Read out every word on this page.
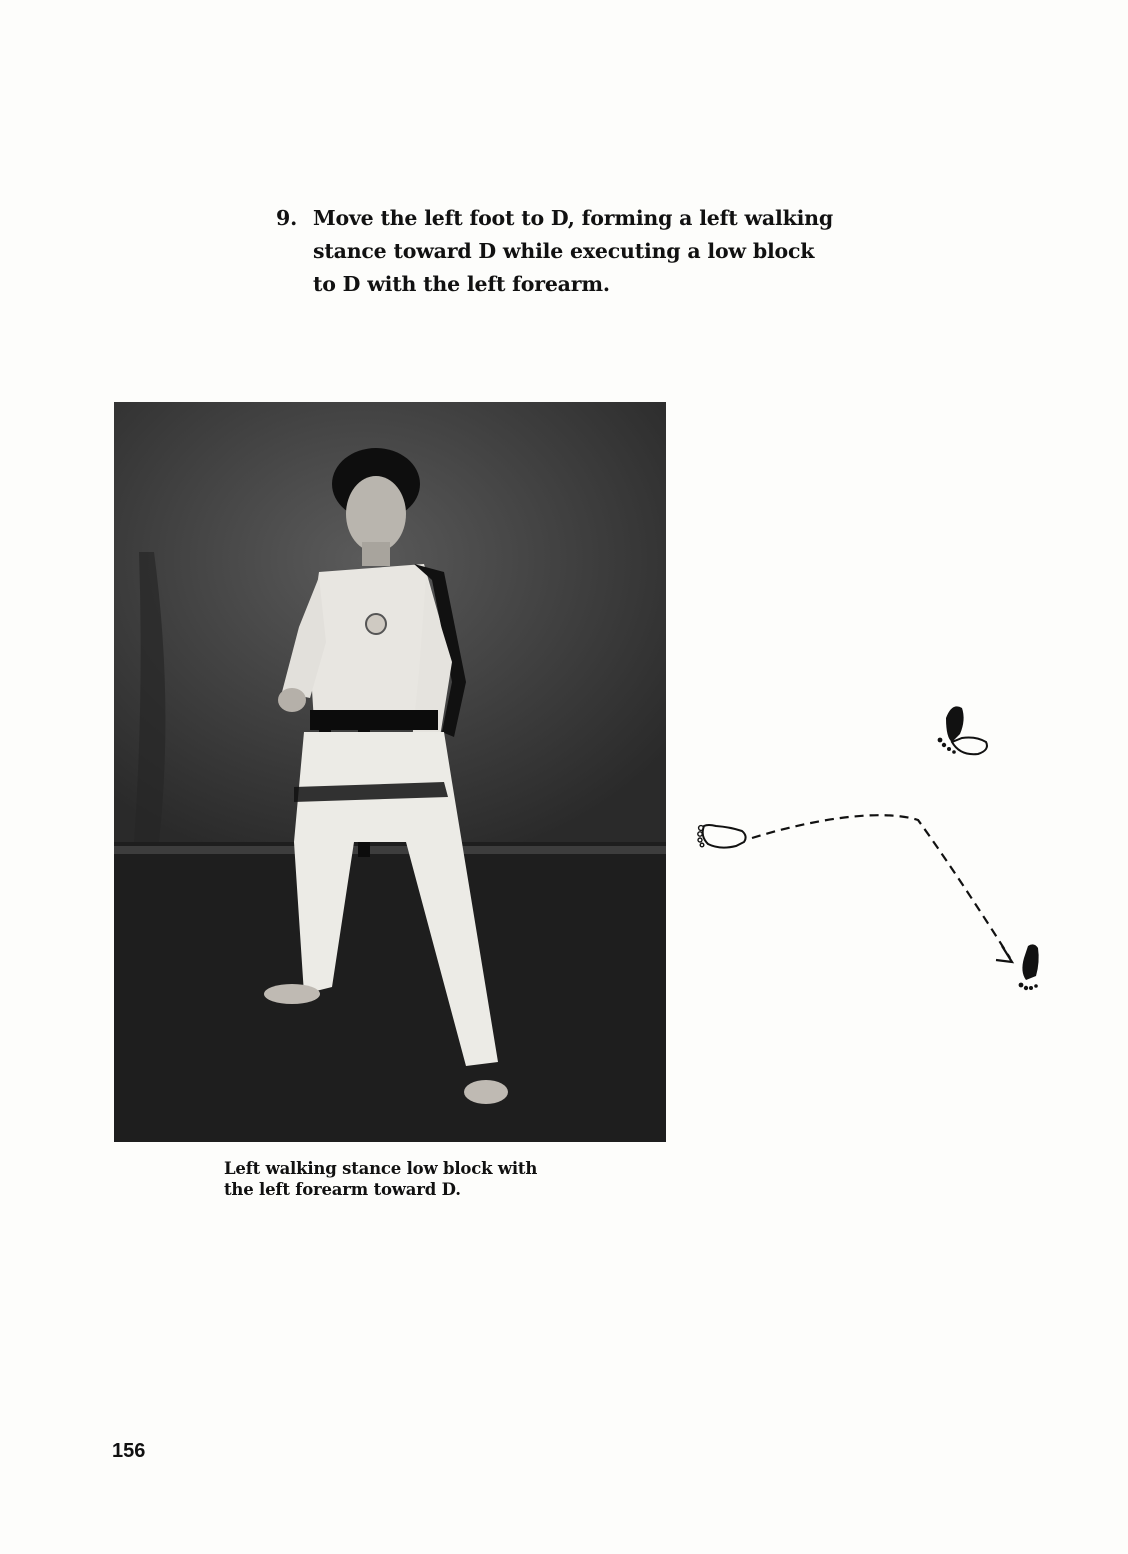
9. Move the left foot to D, forming a left walking
stance toward D while executing a low block
to D with the left forearm.
Left walking stance low block with
the left forearm toward D.
156
